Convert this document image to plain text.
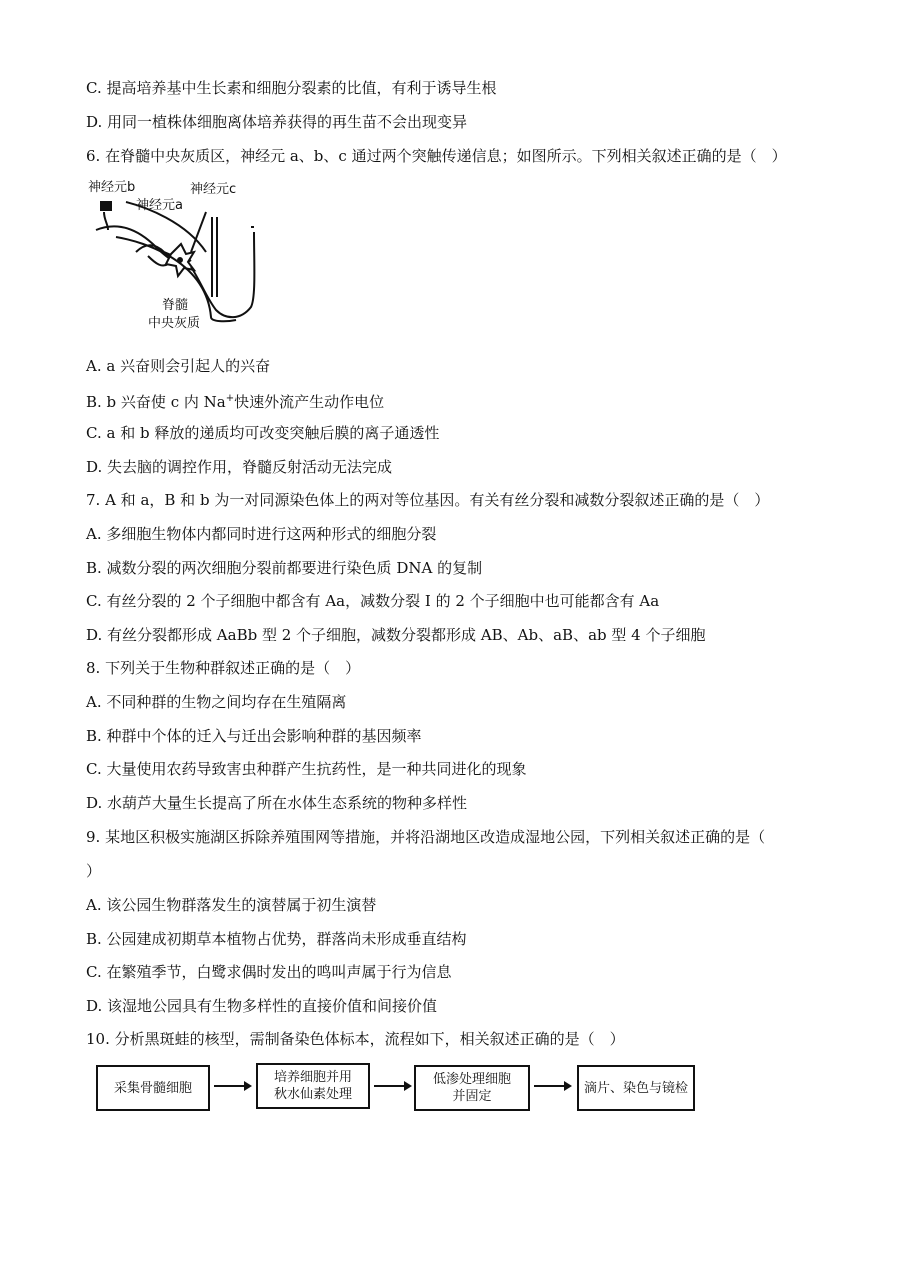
C. 提高培养基中生长素和细胞分裂素的比值，有利于诱导生根
D. 用同一植株体细胞离体培养获得的再生苗不会出现变异
6. 在脊髓中央灰质区，神经元 a、b、c 通过两个突触传递信息；如图所示。下列相关叙述正确的是（　）
神经元b	神经元c
神经元a
脊髓
中央灰质
A. a 兴奋则会引起人的兴奋
B. b 兴奋使 c 内 Na+快速外流产生动作电位
C. a 和 b 释放的递质均可改变突触后膜的离子通透性
D. 失去脑的调控作用，脊髓反射活动无法完成
7. A 和 a，B 和 b 为一对同源染色体上的两对等位基因。有关有丝分裂和减数分裂叙述正确的是（　）
A. 多细胞生物体内都同时进行这两种形式的细胞分裂
B. 减数分裂的两次细胞分裂前都要进行染色质 DNA 的复制
C. 有丝分裂的 2 个子细胞中都含有 Aa，减数分裂 I 的 2 个子细胞中也可能都含有 Aa
D. 有丝分裂都形成 AaBb 型 2 个子细胞，减数分裂都形成 AB、Ab、aB、ab 型 4 个子细胞
8. 下列关于生物种群叙述正确的是（　）
A. 不同种群的生物之间均存在生殖隔离
B. 种群中个体的迁入与迁出会影响种群的基因频率
C. 大量使用农药导致害虫种群产生抗药性，是一种共同进化的现象
D. 水葫芦大量生长提高了所在水体生态系统的物种多样性
9. 某地区积极实施湖区拆除养殖围网等措施，并将沿湖地区改造成湿地公园，下列相关叙述正确的是（
）
A. 该公园生物群落发生的演替属于初生演替
B. 公园建成初期草本植物占优势，群落尚未形成垂直结构
C. 在繁殖季节，白鹭求偶时发出的鸣叫声属于行为信息
D. 该湿地公园具有生物多样性的直接价值和间接价值
10. 分析黑斑蛙的核型，需制备染色体标本，流程如下，相关叙述正确的是（　）
采集骨髓细胞
培养细胞并用
秋水仙素处理
低渗处理细胞
并固定
滴片、染色与镜检
